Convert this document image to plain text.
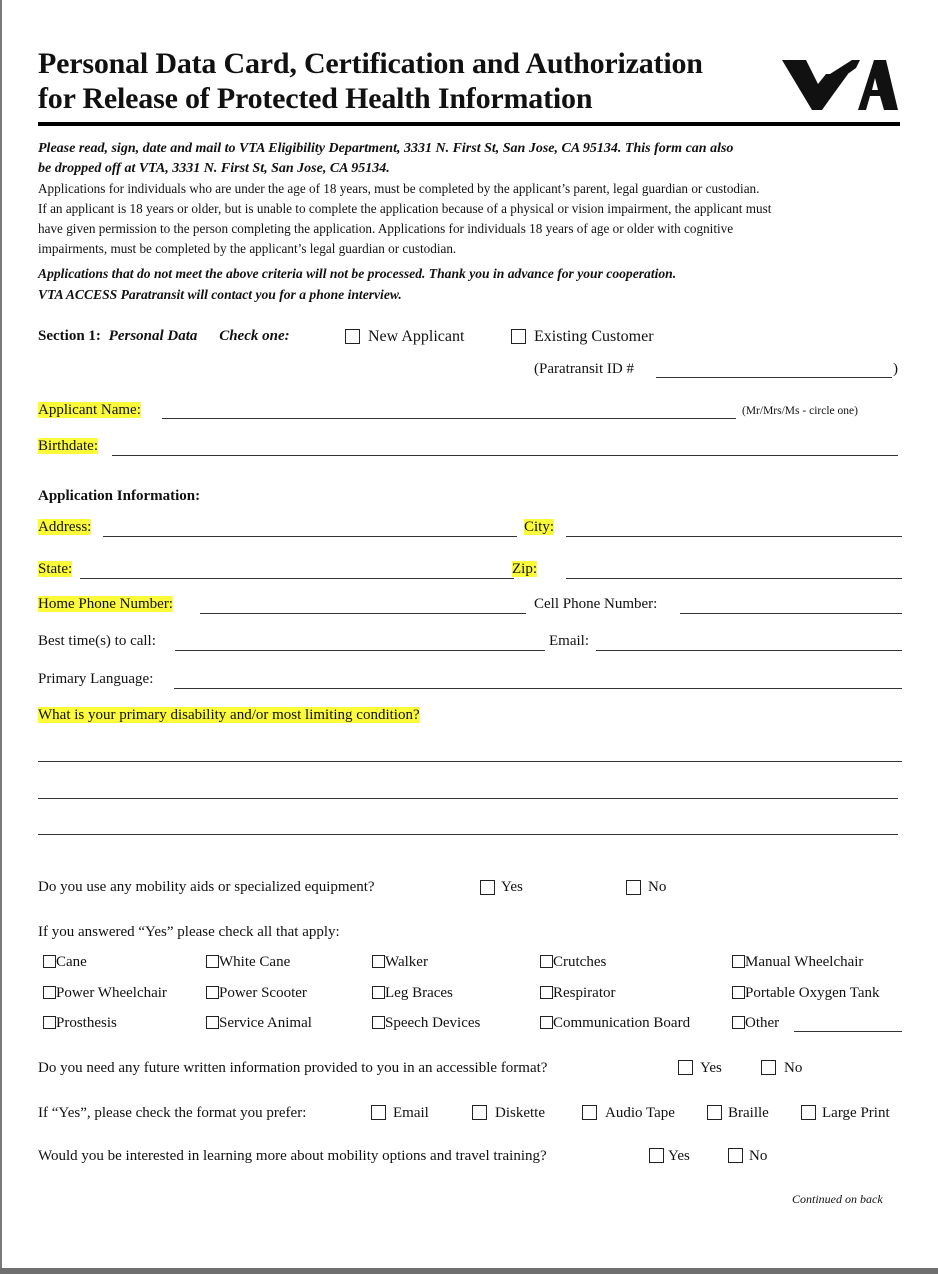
Personal Data Card, Certification and Authorization
for Release of Protected Health Information
Please read, sign, date and mail to VTA Eligibility Department, 3331 N. First St, San Jose, CA 95134. This form can also
be dropped off at VTA, 3331 N. First St, San Jose, CA 95134.
Applications for individuals who are under the age of 18 years, must be completed by the applicant’s parent, legal guardian or custodian.
If an applicant is 18 years or older, but is unable to complete the application because of a physical or vision impairment, the applicant must
have given permission to the person completing the application. Applications for individuals 18 years of age or older with cognitive
impairments, must be completed by the applicant’s legal guardian or custodian.
Applications that do not meet the above criteria will not be processed. Thank you in advance for your cooperation.
VTA ACCESS Paratransit will contact you for a phone interview.
Section 1: Personal Data Check one:	New Applicant	Existing Customer
(Paratransit ID #	)
Applicant Name:	(Mr/Mrs/Ms - circle one)
Birthdate:
Application Information:
Address:	City:
State:	Zip:
Home Phone Number:	Cell Phone Number:
Best time(s) to call:	Email:
Primary Language:
What is your primary disability and/or most limiting condition?
Do you use any mobility aids or specialized equipment?	Yes	No
If you answered “Yes” please check all that apply:
Cane	White Cane	Walker	Crutches	Manual Wheelchair
Power Wheelchair	Power Scooter	Leg Braces	Respirator	Portable Oxygen Tank
Prosthesis	Service Animal	Speech Devices	Communication Board	Other
Do you need any future written information provided to you in an accessible format?	Yes	No
If “Yes”, please check the format you prefer:	Email	Diskette	Audio Tape	Braille	Large Print
Would you be interested in learning more about mobility options and travel training?	Yes	No
Continued on back
